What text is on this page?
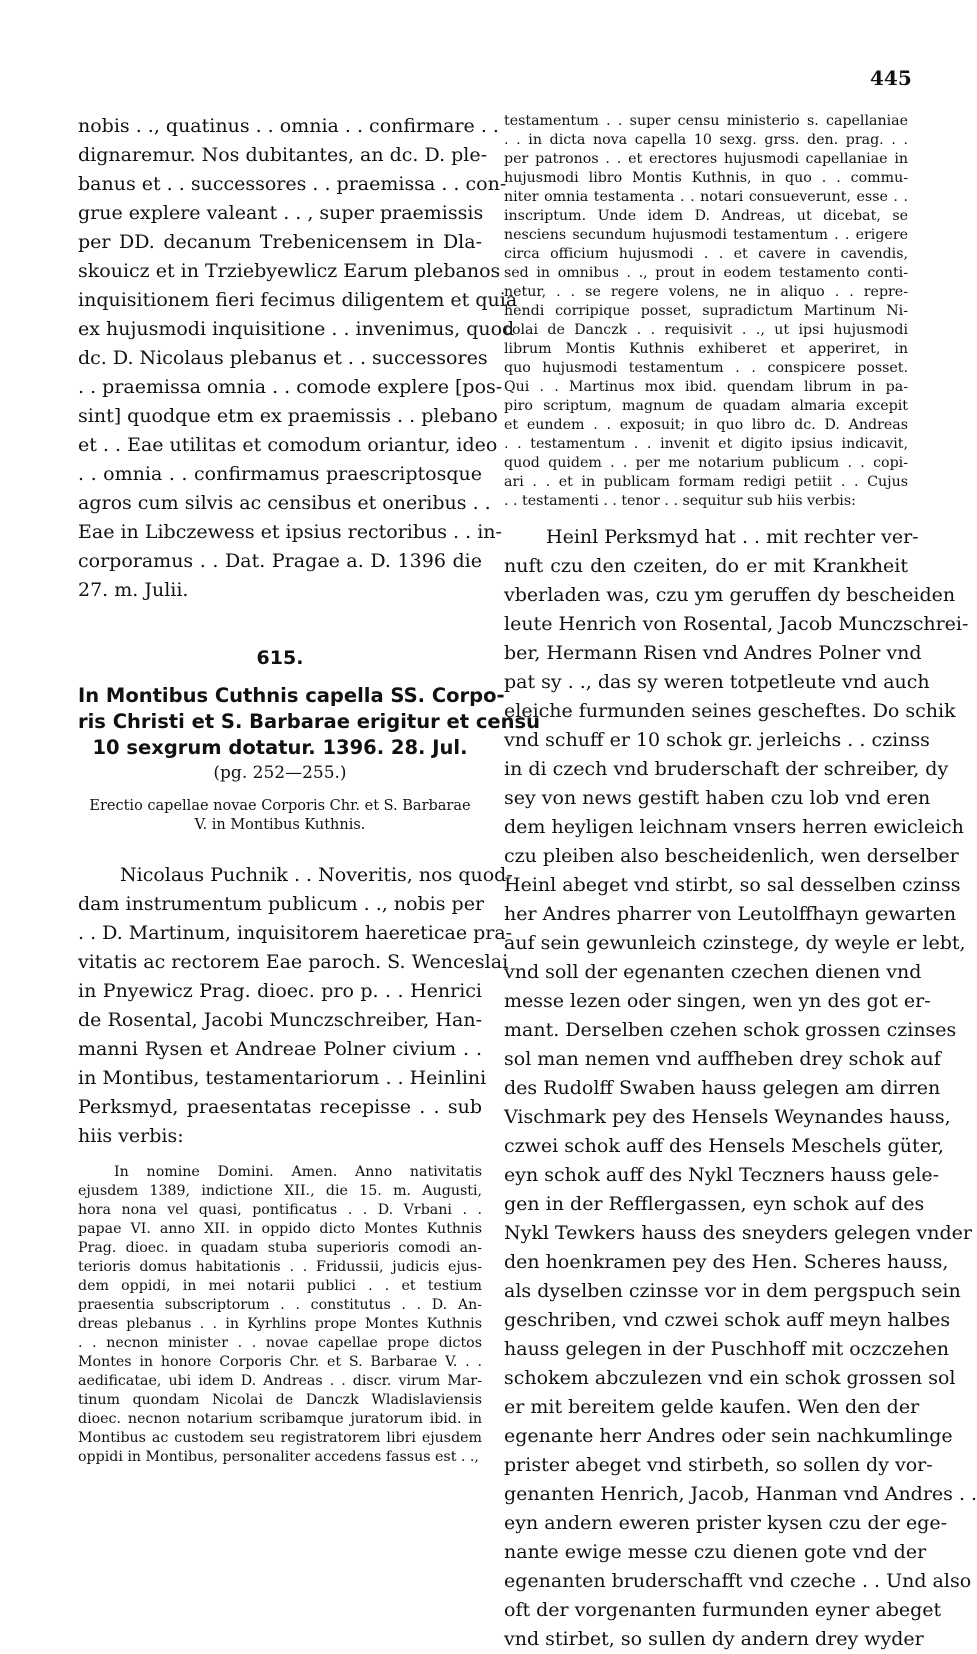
445
nobis . ., quatinus . . omnia . . confirmare . .
dignaremur. Nos dubitantes, an dc. D. ple-
banus et . . successores . . praemissa . . con-
grue explere valeant . . , super praemissis
per DD. decanum Trebenicensem in Dla-
skouicz et in Trziebyewlicz Earum plebanos
inquisitionem fieri fecimus diligentem et quia
ex hujusmodi inquisitione . . invenimus, quod
dc. D. Nicolaus plebanus et . . successores
. . praemissa omnia . . comode explere [pos-
sint] quodque etm ex praemissis . . plebano
et . . Eae utilitas et comodum oriantur, ideo
. . omnia . . confirmamus praescriptosque
agros cum silvis ac censibus et oneribus . .
Eae in Libczewess et ipsius rectoribus . . in-
corporamus . . Dat. Pragae a. D. 1396 die
27. m. Julii.
615.
In Montibus Cuthnis capella SS. Corpo-
ris Christi et S. Barbarae erigitur et censu
10 sexgrum dotatur. 1396. 28. Jul.
(pg. 252—255.)
Erectio capellae novae Corporis Chr. et S. Barbarae
V. in Montibus Kuthnis.
Nicolaus Puchnik . . Noveritis, nos quod-
dam instrumentum publicum . ., nobis per
. . D. Martinum, inquisitorem haereticae pra-
vitatis ac rectorem Eae paroch. S. Wenceslai
in Pnyewicz Prag. dioec. pro p. . . Henrici
de Rosental, Jacobi Munczschreiber, Han-
manni Rysen et Andreae Polner civium . .
in Montibus, testamentariorum . . Heinlini
Perksmyd, praesentatas recepisse . . sub
hiis verbis:
In nomine Domini. Amen. Anno nativitatis
ejusdem 1389, indictione XII., die 15. m. Augusti,
hora nona vel quasi, pontificatus . . D. Vrbani . .
papae VI. anno XII. in oppido dicto Montes Kuthnis
Prag. dioec. in quadam stuba superioris comodi an-
terioris domus habitationis . . Fridussii, judicis ejus-
dem oppidi, in mei notarii publici . . et testium
praesentia subscriptorum . . constitutus . . D. An-
dreas plebanus . . in Kyrhlins prope Montes Kuthnis
. . necnon minister . . novae capellae prope dictos
Montes in honore Corporis Chr. et S. Barbarae V. . .
aedificatae, ubi idem D. Andreas . . discr. virum Mar-
tinum quondam Nicolai de Danczk Wladislaviensis
dioec. necnon notarium scribamque juratorum ibid. in
Montibus ac custodem seu registratorem libri ejusdem
oppidi in Montibus, personaliter accedens fassus est . .,
testamentum . . super censu ministerio s. capellaniae
. . in dicta nova capella 10 sexg. grss. den. prag. . .
per patronos . . et erectores hujusmodi capellaniae in
hujusmodi libro Montis Kuthnis, in quo . . commu-
niter omnia testamenta . . notari consueverunt, esse . .
inscriptum. Unde idem D. Andreas, ut dicebat, se
nesciens secundum hujusmodi testamentum . . erigere
circa officium hujusmodi . . et cavere in cavendis,
sed in omnibus . ., prout in eodem testamento conti-
netur, . . se regere volens, ne in aliquo . . repre-
hendi corripique posset, supradictum Martinum Ni-
colai de Danczk . . requisivit . ., ut ipsi hujusmodi
librum Montis Kuthnis exhiberet et apperiret, in
quo hujusmodi testamentum . . conspicere posset.
Qui . . Martinus mox ibid. quendam librum in pa-
piro scriptum, magnum de quadam almaria excepit
et eundem . . exposuit; in quo libro dc. D. Andreas
. . testamentum . . invenit et digito ipsius indicavit,
quod quidem . . per me notarium publicum . . copi-
ari . . et in publicam formam redigi petiit . . Cujus
. . testamenti . . tenor . . sequitur sub hiis verbis:
Heinl Perksmyd hat . . mit rechter ver-
nuft czu den czeiten, do er mit Krankheit
vberladen was, czu ym geruffen dy bescheiden
leute Henrich von Rosental, Jacob Munczschrei-
ber, Hermann Risen vnd Andres Polner vnd
pat sy . ., das sy weren totpetleute vnd auch
eleiche furmunden seines gescheftes. Do schik
vnd schuff er 10 schok gr. jerleichs . . czinss
in di czech vnd bruderschaft der schreiber, dy
sey von news gestift haben czu lob vnd eren
dem heyligen leichnam vnsers herren ewicleich
czu pleiben also bescheidenlich, wen derselber
Heinl abeget vnd stirbt, so sal desselben czinss
her Andres pharrer von Leutolffhayn gewarten
auf sein gewunleich czinstege, dy weyle er lebt,
vnd soll der egenanten czechen dienen vnd
messe lezen oder singen, wen yn des got er-
mant. Derselben czehen schok grossen czinses
sol man nemen vnd auffheben drey schok auf
des Rudolff Swaben hauss gelegen am dirren
Vischmark pey des Hensels Weynandes hauss,
czwei schok auff des Hensels Meschels güter,
eyn schok auff des Nykl Teczners hauss gele-
gen in der Refflergassen, eyn schok auf des
Nykl Tewkers hauss des sneyders gelegen vnder
den hoenkramen pey des Hen. Scheres hauss,
als dyselben czinsse vor in dem pergspuch sein
geschriben, vnd czwei schok auff meyn halbes
hauss gelegen in der Puschhoff mit oczczehen
schokem abczulezen vnd ein schok grossen sol
er mit bereitem gelde kaufen. Wen den der
egenante herr Andres oder sein nachkumlinge
prister abeget vnd stirbeth, so sollen dy vor-
genanten Henrich, Jacob, Hanman vnd Andres . .
eyn andern eweren prister kysen czu der ege-
nante ewige messe czu dienen gote vnd der
egenanten bruderschafft vnd czeche . . Und also
oft der vorgenanten furmunden eyner abeget
vnd stirbet, so sullen dy andern drey wyder
